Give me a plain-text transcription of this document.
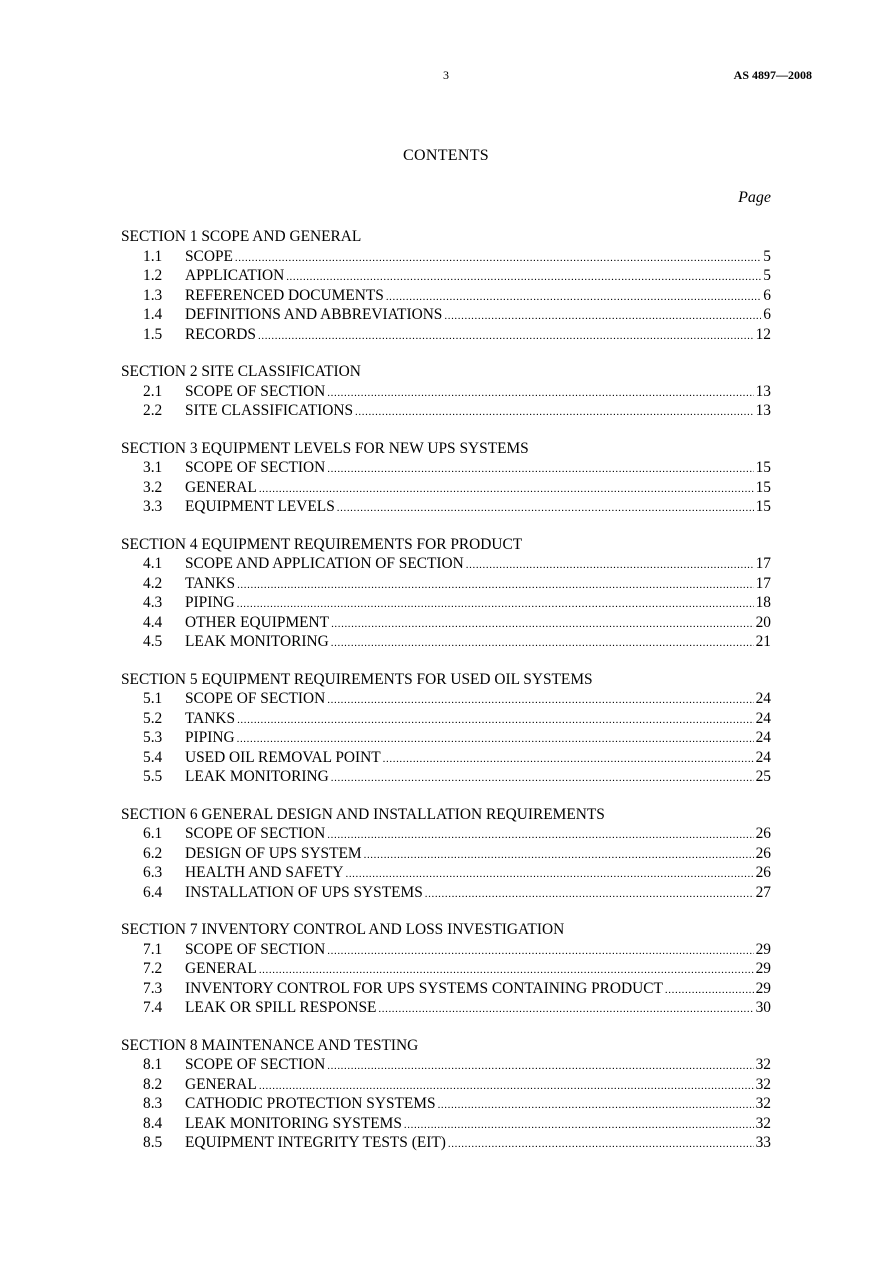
3	AS 4897—2008
CONTENTS
Page
SECTION 1 SCOPE AND GENERAL
1.1	SCOPE .....	5
1.2	APPLICATION .....	5
1.3	REFERENCED DOCUMENTS .....	6
1.4	DEFINITIONS AND ABBREVIATIONS .....	6
1.5	RECORDS .....	12
SECTION 2 SITE CLASSIFICATION
2.1	SCOPE OF SECTION .....	13
2.2	SITE CLASSIFICATIONS .....	13
SECTION 3 EQUIPMENT LEVELS FOR NEW UPS SYSTEMS
3.1	SCOPE OF SECTION .....	15
3.2	GENERAL .....	15
3.3	EQUIPMENT LEVELS .....	15
SECTION 4 EQUIPMENT REQUIREMENTS FOR PRODUCT
4.1	SCOPE AND APPLICATION OF SECTION .....	17
4.2	TANKS .....	17
4.3	PIPING .....	18
4.4	OTHER EQUIPMENT .....	20
4.5	LEAK MONITORING .....	21
SECTION 5 EQUIPMENT REQUIREMENTS FOR USED OIL SYSTEMS
5.1	SCOPE OF SECTION .....	24
5.2	TANKS .....	24
5.3	PIPING .....	24
5.4	USED OIL REMOVAL POINT .....	24
5.5	LEAK MONITORING .....	25
SECTION 6 GENERAL DESIGN AND INSTALLATION REQUIREMENTS
6.1	SCOPE OF SECTION .....	26
6.2	DESIGN OF UPS SYSTEM .....	26
6.3	HEALTH AND SAFETY .....	26
6.4	INSTALLATION OF UPS SYSTEMS .....	27
SECTION 7 INVENTORY CONTROL AND LOSS INVESTIGATION
7.1	SCOPE OF SECTION .....	29
7.2	GENERAL .....	29
7.3	INVENTORY CONTROL FOR UPS SYSTEMS CONTAINING PRODUCT .....	29
7.4	LEAK OR SPILL RESPONSE .....	30
SECTION 8 MAINTENANCE AND TESTING
8.1	SCOPE OF SECTION .....	32
8.2	GENERAL .....	32
8.3	CATHODIC PROTECTION SYSTEMS .....	32
8.4	LEAK MONITORING SYSTEMS .....	32
8.5	EQUIPMENT INTEGRITY TESTS (EIT) .....	33
